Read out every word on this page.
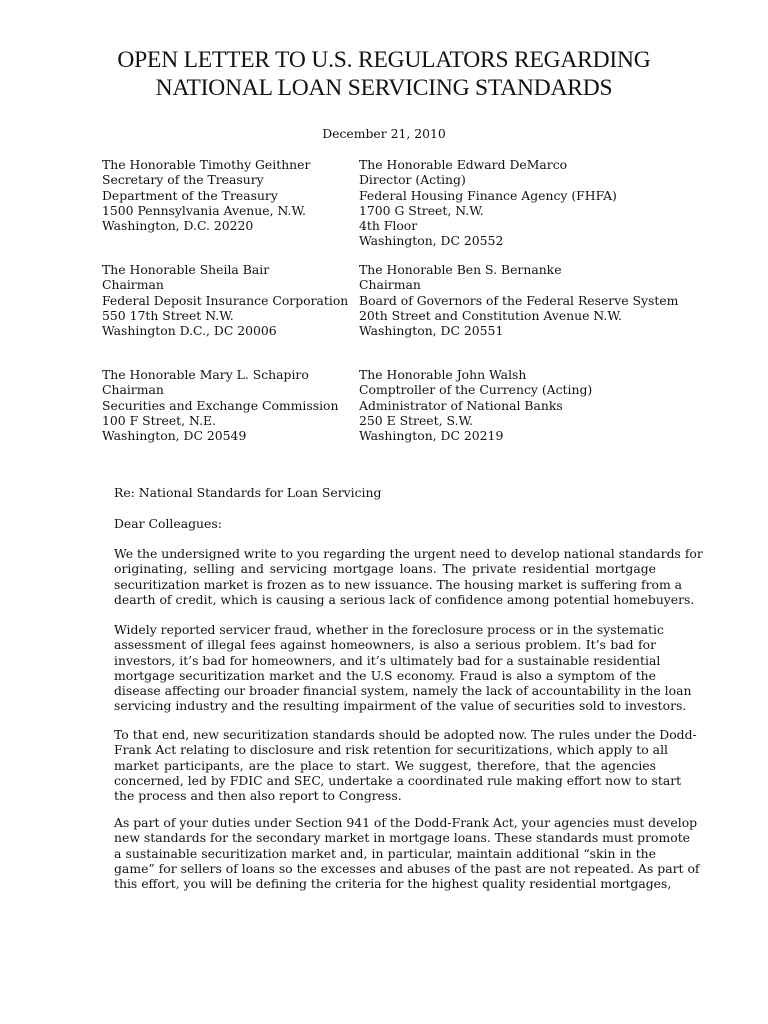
OPEN LETTER TO U.S. REGULATORS REGARDING
NATIONAL LOAN SERVICING STANDARDS
December 21, 2010
The Honorable Timothy Geithner
Secretary of the Treasury
Department of the Treasury
1500 Pennsylvania Avenue, N.W.
Washington, D.C. 20220
The Honorable Sheila Bair
Chairman
Federal Deposit Insurance Corporation
550 17th Street N.W.
Washington D.C., DC 20006
The Honorable Mary L. Schapiro
Chairman
Securities and Exchange Commission
100 F Street, N.E.
Washington, DC 20549
The Honorable Edward DeMarco
Director (Acting)
Federal Housing Finance Agency (FHFA)
1700 G Street, N.W.
4th Floor
Washington, DC 20552
The Honorable Ben S. Bernanke
Chairman
Board of Governors of the Federal Reserve System
20th Street and Constitution Avenue N.W.
Washington, DC 20551
The Honorable John Walsh
Comptroller of the Currency (Acting)
Administrator of National Banks
250 E Street, S.W.
Washington, DC 20219
Re: National Standards for Loan Servicing
Dear Colleagues:
We the undersigned write to you regarding the urgent need to develop national standards for
originating, selling and servicing mortgage loans. The private residential mortgage
securitization market is frozen as to new issuance. The housing market is suffering from a
dearth of credit, which is causing a serious lack of confidence among potential homebuyers.
Widely reported servicer fraud, whether in the foreclosure process or in the systematic
assessment of illegal fees against homeowners, is also a serious problem. It’s bad for
investors, it’s bad for homeowners, and it’s ultimately bad for a sustainable residential
mortgage securitization market and the U.S economy. Fraud is also a symptom of the
disease affecting our broader financial system, namely the lack of accountability in the loan
servicing industry and the resulting impairment of the value of securities sold to investors.
To that end, new securitization standards should be adopted now. The rules under the Dodd-
Frank Act relating to disclosure and risk retention for securitizations, which apply to all
market participants, are the place to start. We suggest, therefore, that the agencies
concerned, led by FDIC and SEC, undertake a coordinated rule making effort now to start
the process and then also report to Congress.
As part of your duties under Section 941 of the Dodd-Frank Act, your agencies must develop
new standards for the secondary market in mortgage loans. These standards must promote
a sustainable securitization market and, in particular, maintain additional “skin in the
game” for sellers of loans so the excesses and abuses of the past are not repeated. As part of
this effort, you will be defining the criteria for the highest quality residential mortgages,
